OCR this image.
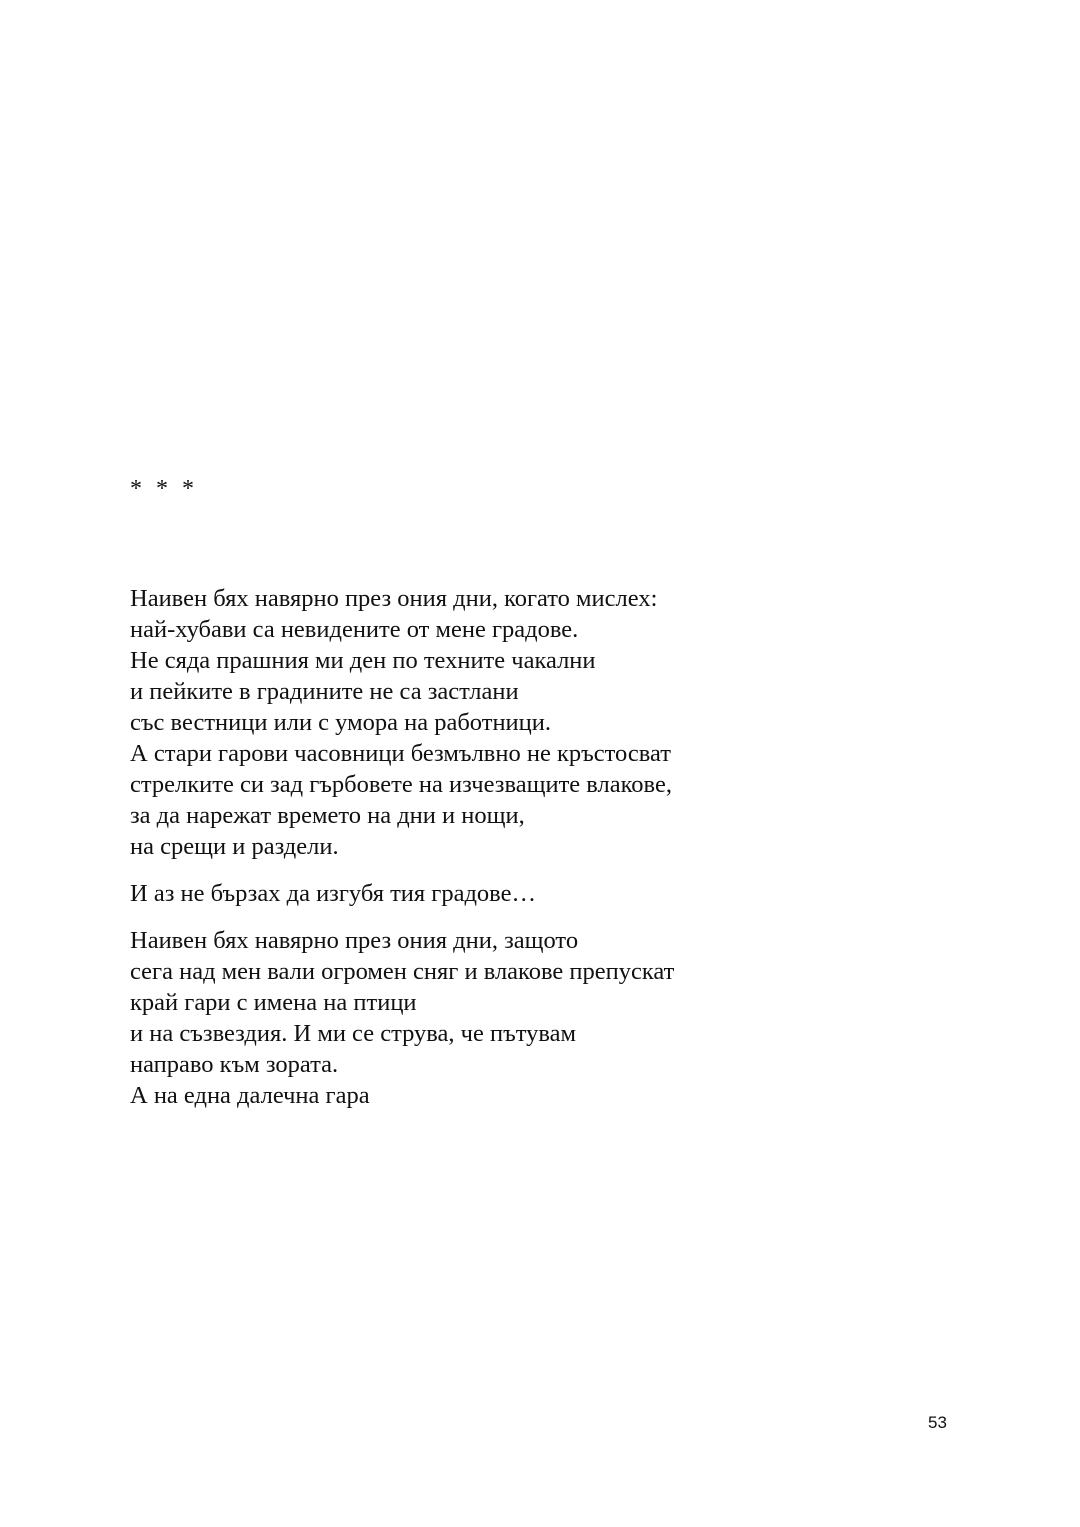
* * *
Наивен бях навярно през ония дни, когато мислех:
най-хубави са невидените от мене градове.
Не сяда прашния ми ден по техните чакални
и пейките в градините не са застлани
със вестници или с умора на работници.
А стари гарови часовници безмълвно не кръстосват
стрелките си зад гърбовете на изчезващите влакове,
за да нарежат времето на дни и нощи,
на срещи и раздели.
И аз не бързах да изгубя тия градове…
Наивен бях навярно през ония дни, защото
сега над мен вали огромен сняг и влакове препускат
край гари с имена на птици
и на съзвездия. И ми се струва, че пътувам
направо към зората.
А на една далечна гара
53
